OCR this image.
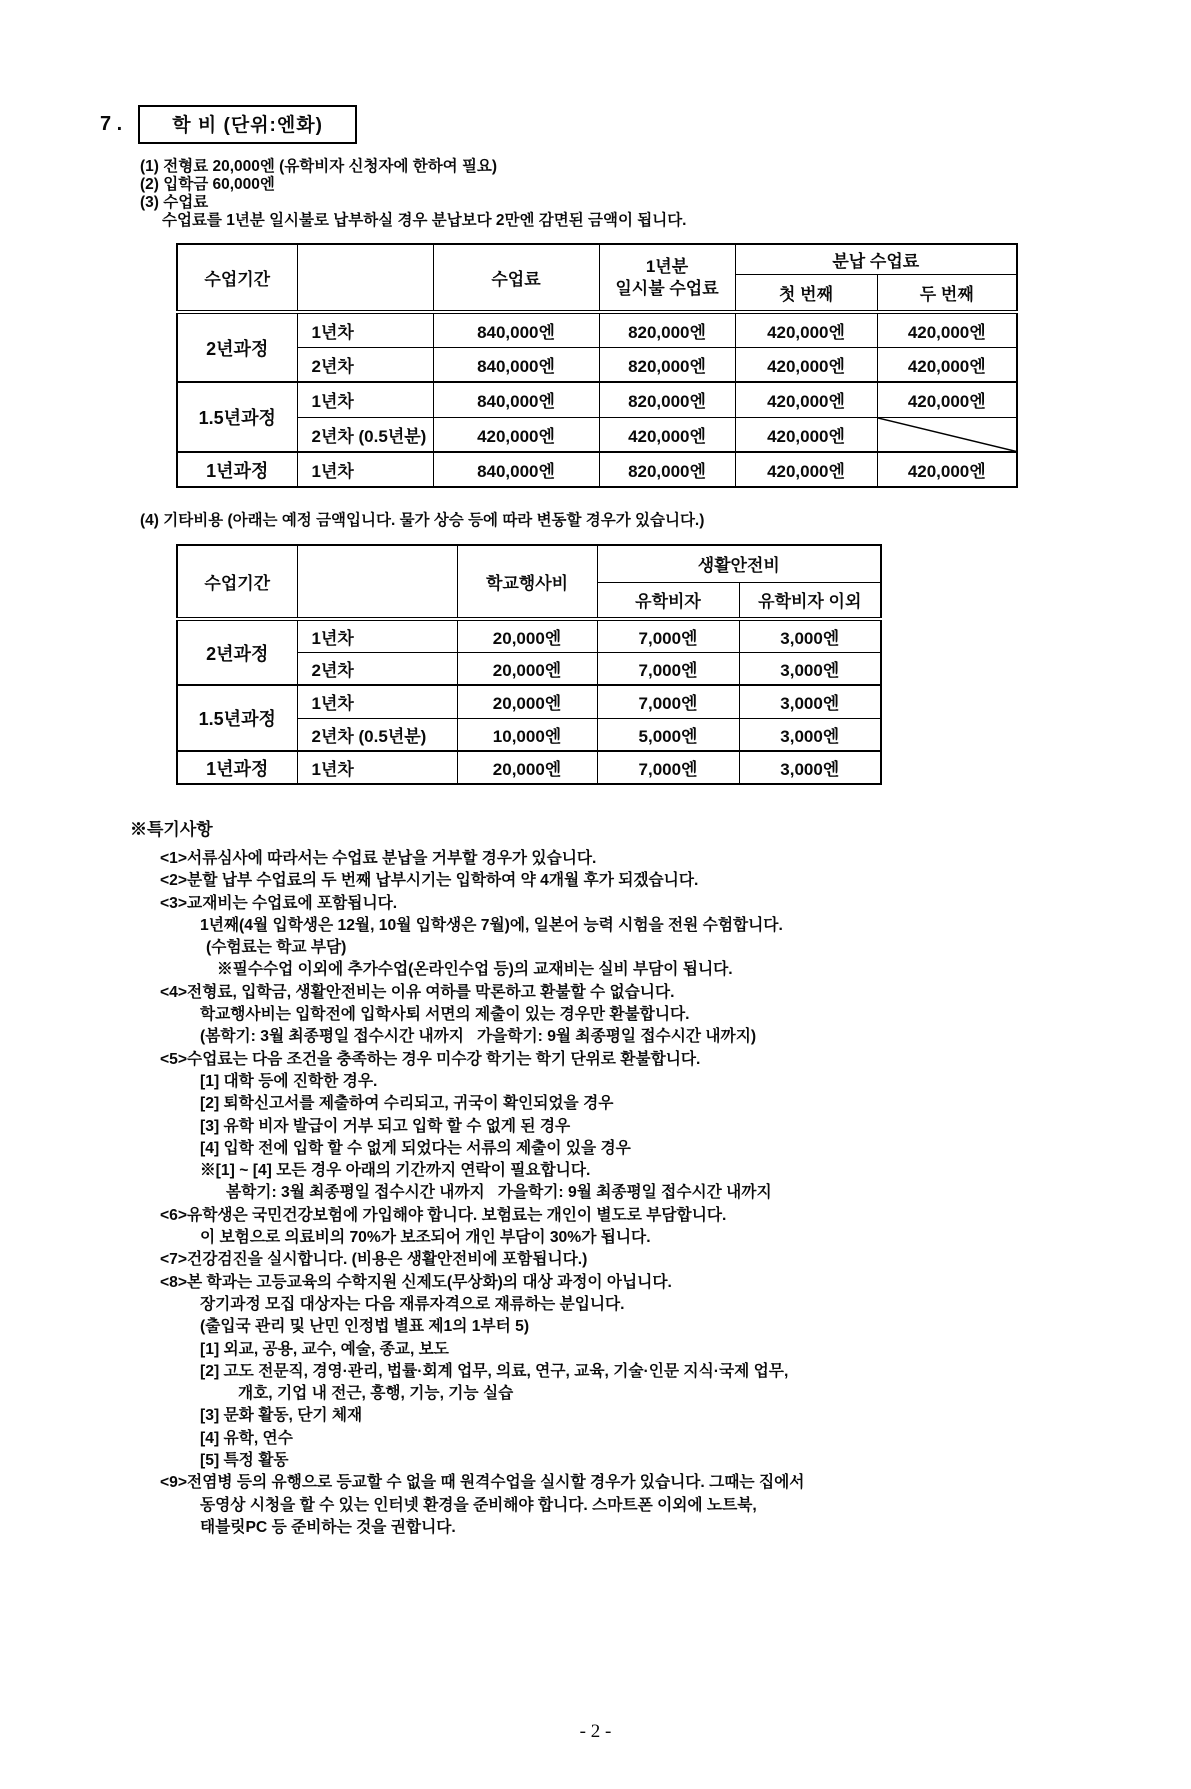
7 .	학 비 (단위:엔화)
(1) 전형료 20,000엔 (유학비자 신청자에 한하여 필요)
(2) 입학금 60,000엔
(3) 수업료
수업료를 1년분 일시불로 납부하실 경우 분납보다 2만엔 감면된 금액이 됩니다.
수업기간		수업료	1년분
일시불 수업료	분납 수업료	
				첫 번째	두 번째
2년과정	1년차	840,000엔	820,000엔	420,000엔	420,000엔
	2년차	840,000엔	820,000엔	420,000엔	420,000엔
1.5년과정	1년차	840,000엔	820,000엔	420,000엔	420,000엔
	2년차 (0.5년분)	420,000엔	420,000엔	420,000엔	

1년과정	1년차	840,000엔	820,000엔	420,000엔	420,000엔
(4) 기타비용 (아래는 예정 금액입니다. 물가 상승 등에 따라 변동할 경우가 있습니다.)
수업기간		학교행사비	생활안전비	
			유학비자	유학비자 이외
2년과정	1년차	20,000엔	7,000엔	3,000엔
	2년차	20,000엔	7,000엔	3,000엔
1.5년과정	1년차	20,000엔	7,000엔	3,000엔
	2년차 (0.5년분)	10,000엔	5,000엔	3,000엔
1년과정	1년차	20,000엔	7,000엔	3,000엔
※특기사항
<1>서류심사에 따라서는 수업료 분납을 거부할 경우가 있습니다.
<2>분할 납부 수업료의 두 번째 납부시기는 입학하여 약 4개월 후가 되겠습니다.
<3>교재비는 수업료에 포함됩니다.
1년째(4월 입학생은 12월, 10월 입학생은 7월)에, 일본어 능력 시험을 전원 수험합니다.
(수험료는 학교 부담)
※필수수업 이외에 추가수업(온라인수업 등)의 교재비는 실비 부담이 됩니다.
<4>전형료, 입학금, 생활안전비는 이유 여하를 막론하고 환불할 수 없습니다.
학교행사비는 입학전에 입학사퇴 서면의 제출이 있는 경우만 환불합니다.
(봄학기: 3월 최종평일 접수시간 내까지   가을학기: 9월 최종평일 접수시간 내까지)
<5>수업료는 다음 조건을 충족하는 경우 미수강 학기는 학기 단위로 환불합니다.
[1] 대학 등에 진학한 경우.
[2] 퇴학신고서를 제출하여 수리되고, 귀국이 확인되었을 경우
[3] 유학 비자 발급이 거부 되고 입학 할 수 없게 된 경우
[4] 입학 전에 입학 할 수 없게 되었다는 서류의 제출이 있을 경우
※[1] ~ [4] 모든 경우 아래의 기간까지 연락이 필요합니다.
봄학기: 3월 최종평일 접수시간 내까지   가을학기: 9월 최종평일 접수시간 내까지
<6>유학생은 국민건강보험에 가입해야 합니다. 보험료는 개인이 별도로 부담합니다.
이 보험으로 의료비의 70%가 보조되어 개인 부담이 30%가 됩니다.
<7>건강검진을 실시합니다. (비용은 생활안전비에 포함됩니다.)
<8>본 학과는 고등교육의 수학지원 신제도(무상화)의 대상 과정이 아닙니다.
장기과정 모집 대상자는 다음 재류자격으로 재류하는 분입니다.
(출입국 관리 및 난민 인정법 별표 제1의 1부터 5)
[1] 외교, 공용, 교수, 예술, 종교, 보도
[2] 고도 전문직, 경영·관리, 법률·회계 업무, 의료, 연구, 교육, 기술·인문 지식·국제 업무,
개호, 기업 내 전근, 흥행, 기능, 기능 실습
[3] 문화 활동, 단기 체재
[4] 유학, 연수
[5] 특정 활동
<9>전염병 등의 유행으로 등교할 수 없을 때 원격수업을 실시할 경우가 있습니다. 그때는 집에서
동영상 시청을 할 수 있는 인터넷 환경을 준비해야 합니다. 스마트폰 이외에 노트북,
태블릿PC 등 준비하는 것을 권합니다.
- 2 -
